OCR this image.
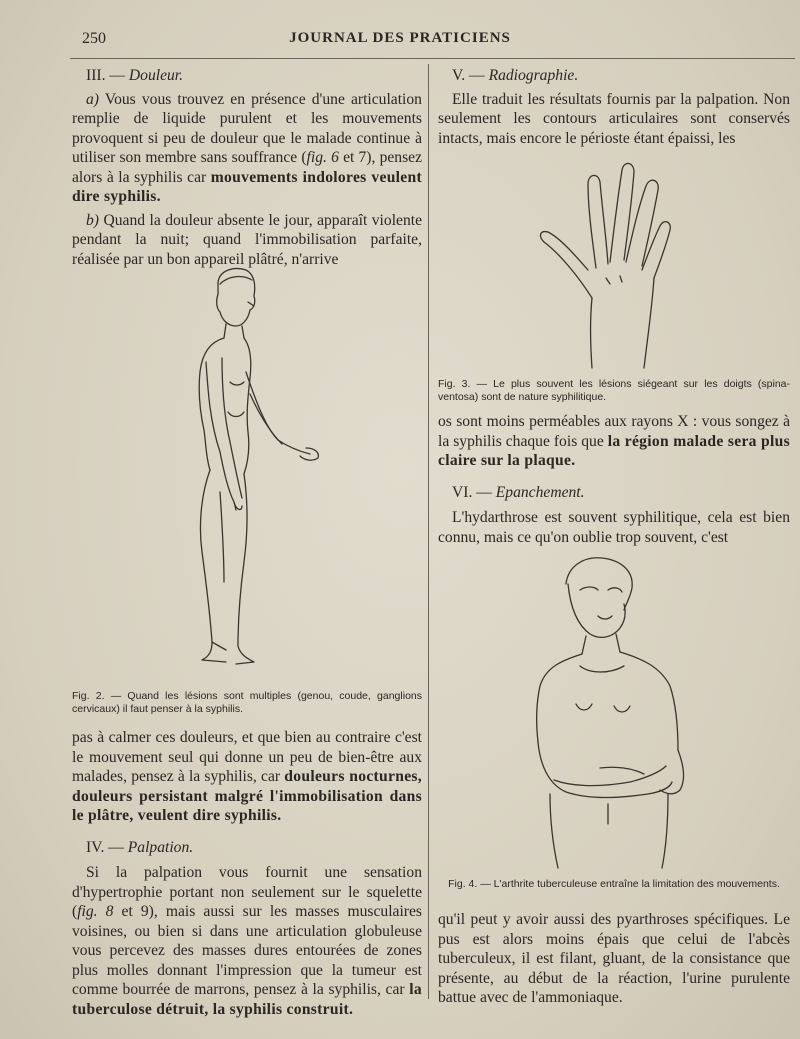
250	JOURNAL DES PRATICIENS

III. — Douleur.

a) Vous vous trouvez en présence d'une articulation remplie de liquide purulent et les mouvements provoquent si peu de douleur que le malade continue à utiliser son membre sans souffrance (fig. 6 et 7), pensez alors à la syphilis car mouvements indolores veulent dire syphilis.

b) Quand la douleur absente le jour, apparaît violente pendant la nuit; quand l'immobilisation parfaite, réalisée par un bon appareil plâtré, n'arrive

Fig. 2. — Quand les lésions sont multiples (genou, coude, ganglions cervicaux) il faut penser à la syphilis.

pas à calmer ces douleurs, et que bien au contraire c'est le mouvement seul qui donne un peu de bien-être aux malades, pensez à la syphilis, car douleurs nocturnes, douleurs persistant malgré l'immobilisation dans le plâtre, veulent dire syphilis.

IV. — Palpation.

Si la palpation vous fournit une sensation d'hypertrophie portant non seulement sur le squelette (fig. 8 et 9), mais aussi sur les masses musculaires voisines, ou bien si dans une articulation globuleuse vous percevez des masses dures entourées de zones plus molles donnant l'impression que la tumeur est comme bourrée de marrons, pensez à la syphilis, car la tuberculose détruit, la syphilis construit.

V. — Radiographie.

Elle traduit les résultats fournis par la palpation. Non seulement les contours articulaires sont conservés intacts, mais encore le périoste étant épaissi, les

Fig. 3. — Le plus souvent les lésions siégeant sur les doigts (spina-ventosa) sont de nature syphilitique.

os sont moins perméables aux rayons X : vous songez à la syphilis chaque fois que la région malade sera plus claire sur la plaque.

VI. — Epanchement.

L'hydarthrose est souvent syphilitique, cela est bien connu, mais ce qu'on oublie trop souvent, c'est

Fig. 4. — L'arthrite tuberculeuse entraîne la limitation des mouvements.

qu'il peut y avoir aussi des pyarthroses spécifiques. Le pus est alors moins épais que celui de l'abcès tuberculeux, il est filant, gluant, de la consistance que présente, au début de la réaction, l'urine purulente battue avec de l'ammoniaque.
